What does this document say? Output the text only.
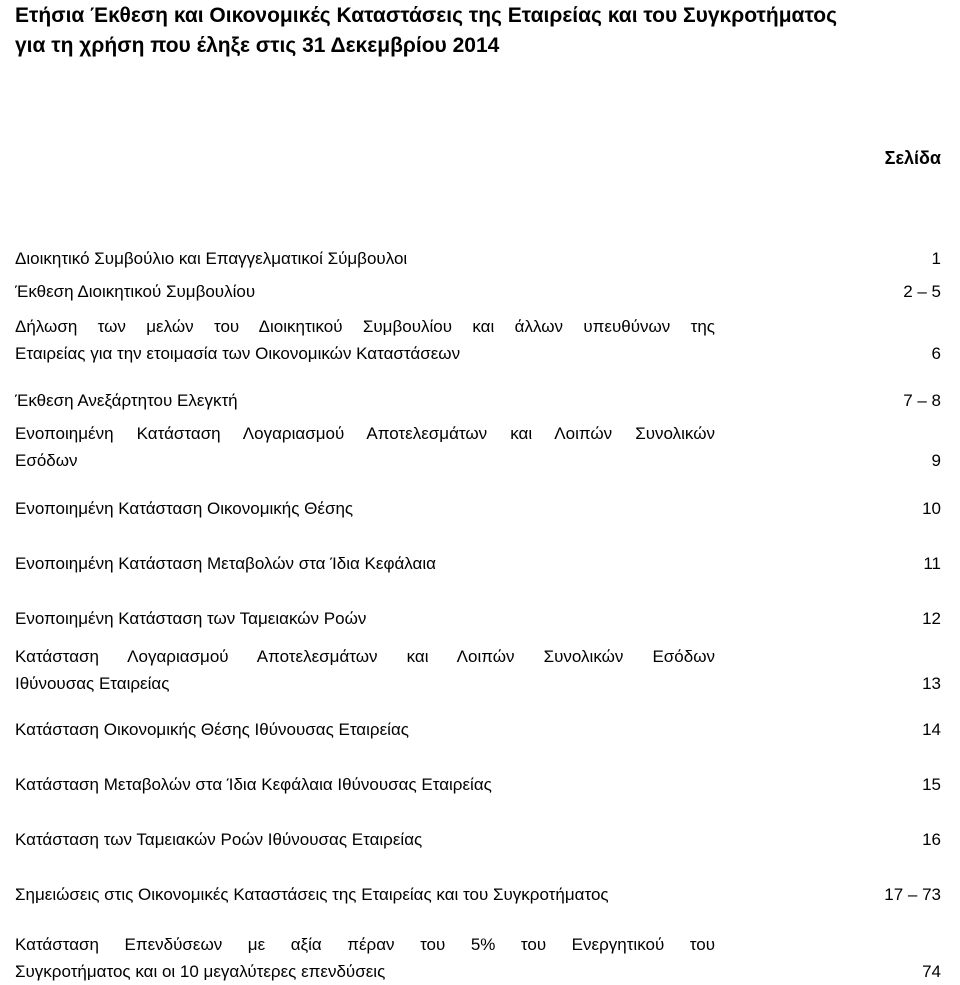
Ετήσια Έκθεση και Οικονομικές Καταστάσεις της Εταιρείας και του Συγκροτήματος
για τη χρήση που έληξε στις 31 Δεκεμβρίου 2014
Σελίδα
Διοικητικό Συμβούλιο και Επαγγελματικοί Σύμβουλοι	1
Έκθεση Διοικητικού Συμβουλίου	2 – 5
Δήλωση των μελών του Διοικητικού Συμβουλίου και άλλων υπευθύνων της
Εταιρείας για την ετοιμασία των Οικονομικών Καταστάσεων	6
Έκθεση Ανεξάρτητου Ελεγκτή	7 – 8
Ενοποιημένη Κατάσταση Λογαριασμού Αποτελεσμάτων και Λοιπών Συνολικών
Εσόδων	9
Ενοποιημένη Κατάσταση Οικονομικής Θέσης	10
Ενοποιημένη Κατάσταση Μεταβολών στα Ίδια Κεφάλαια	11
Ενοποιημένη Κατάσταση των Ταμειακών Ροών	12
Κατάσταση Λογαριασμού Αποτελεσμάτων και Λοιπών Συνολικών Εσόδων
Ιθύνουσας Εταιρείας	13
Κατάσταση Οικονομικής Θέσης Ιθύνουσας Εταιρείας	14
Κατάσταση Μεταβολών στα Ίδια Κεφάλαια Ιθύνουσας Εταιρείας	15
Κατάσταση των Ταμειακών Ροών Ιθύνουσας Εταιρείας	16
Σημειώσεις στις Οικονομικές Καταστάσεις της Εταιρείας και του Συγκροτήματος	17 – 73
Κατάσταση Επενδύσεων με αξία πέραν του 5% του Ενεργητικού του
Συγκροτήματος και οι 10 μεγαλύτερες επενδύσεις	74
